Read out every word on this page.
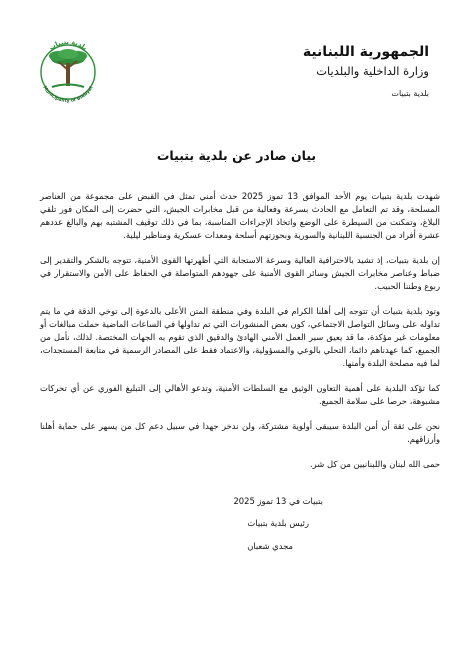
بلدية بتبيات
Municipality of Btebyat

الجمهورية اللبنانية

وزارة الداخلية والبلديات

بلدية بتبيات

بيان صادر عن بلدية بتبيات

شهدت بلدية بتبيات يوم الأحد الموافق 13 تموز 2025 حدث أمني تمثل في القبض على مجموعة من العناصر المسلحة، وقد تم التعامل مع الحادث بسرعة وفعالية من قبل مخابرات الجيش، التي حضرت إلى المكان فور تلقي البلاغ، وتمكنت من السيطرة على الوضع واتخاذ الإجراءات المناسبة، بما في ذلك توقيف المشتبه بهم والبالغ عددهم عشرة أفراد من الجنسية اللبنانية والسورية وبحوزتهم أسلحة ومعدات عسكرية ومناظير ليلية.

إن بلدية بتبيات، إذ تشيد بالاحترافية العالية وسرعة الاستجابة التي أظهرتها القوى الأمنية، تتوجه بالشكر والتقدير إلى ضباط وعناصر مخابرات الجيش وسائر القوى الأمنية على جهودهم المتواصلة في الحفاظ على الأمن والاستقرار في ربوع وطننا الحبيب.

وتود بلدية بتبيات أن تتوجه إلى أهلنا الكرام في البلدة وفي منطقة المتن الأعلى بالدعوة إلى توخي الدقة في ما يتم تداوله على وسائل التواصل الاجتماعي، كون بعض المنشورات التي تم تداولها في الساعات الماضية حملت مبالغات أو معلومات غير مؤكدة، ما قد يعيق سير العمل الأمني الهادئ والدقيق الذي تقوم به الجهات المختصة. لذلك، نأمل من الجميع، كما عهدناهم دائما، التحلي بالوعي والمسؤولية، والاعتماد فقط على المصادر الرسمية في متابعة المستجدات، لما فيه مصلحة البلدة وأمنها.

كما تؤكد البلدية على أهمية التعاون الوثيق مع السلطات الأمنية، وتدعو الأهالي إلى التبليغ الفوري عن أي تحركات مشبوهة، حرصا على سلامة الجميع.

نحن على ثقة أن أمن البلدة سيبقى أولوية مشتركة، ولن ندخر جهدا في سبيل دعم كل من يسهر على حماية أهلنا وأرزاقهم.

حمى الله لبنان واللبنانيين من كل شر.

بتبيات في 13 تموز 2025
رئيس بلدية بتبيات
مجدي شعبان
